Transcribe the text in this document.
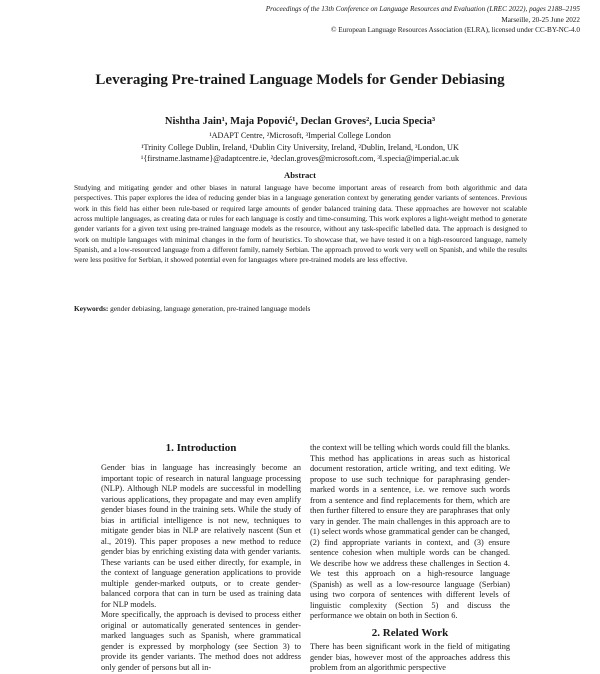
Proceedings of the 13th Conference on Language Resources and Evaluation (LREC 2022), pages 2188–2195
Marseille, 20-25 June 2022
© European Language Resources Association (ELRA), licensed under CC-BY-NC-4.0
Leveraging Pre-trained Language Models for Gender Debiasing
Nishtha Jain¹, Maja Popović¹, Declan Groves², Lucia Specia³
¹ADAPT Centre, ²Microsoft, ³Imperial College London
¹Trinity College Dublin, Ireland, ¹Dublin City University, Ireland, ²Dublin, Ireland, ³London, UK
¹{firstname.lastname}@adaptcentre.ie, ²declan.groves@microsoft.com, ³l.specia@imperial.ac.uk
Abstract

Studying and mitigating gender and other biases in natural language have become important areas of research from both algorithmic and data perspectives. This paper explores the idea of reducing gender bias in a language generation context by generating gender variants of sentences. Previous work in this field has either been rule-based or required large amounts of gender balanced training data. These approaches are however not scalable across multiple languages, as creating data or rules for each language is costly and time-consuming. This work explores a light-weight method to generate gender variants for a given text using pre-trained language models as the resource, without any task-specific labelled data. The approach is designed to work on multiple languages with minimal changes in the form of heuristics. To showcase that, we have tested it on a high-resourced language, namely Spanish, and a low-resourced language from a different family, namely Serbian. The approach proved to work very well on Spanish, and while the results were less positive for Serbian, it showed potential even for languages where pre-trained models are less effective.

Keywords: gender debiasing, language generation, pre-trained language models
1. Introduction

Gender bias in language has increasingly become an important topic of research in natural language processing (NLP). Although NLP models are successful in modelling various applications, they propagate and may even amplify gender biases found in the training sets. While the study of bias in artificial intelligence is not new, techniques to mitigate gender bias in NLP are relatively nascent (Sun et al., 2019). This paper proposes a new method to reduce gender bias by enriching existing data with gender variants. These variants can be used either directly, for example, in the context of language generation applications to provide multiple gender-marked outputs, or to create gender-balanced corpora that can in turn be used as training data for NLP models.

More specifically, the approach is devised to process either original or automatically generated sentences in gender-marked languages such as Spanish, where grammatical gender is expressed by morphology (see Section 3) to provide its gender variants. The method does not address only gender of persons but all in-

the context will be telling which words could fill the blanks. This method has applications in areas such as historical document restoration, article writing, and text editing. We propose to use such technique for paraphrasing gender-marked words in a sentence, i.e. we remove such words from a sentence and find replacements for them, which are then further filtered to ensure they are paraphrases that only vary in gender. The main challenges in this approach are to (1) select words whose grammatical gender can be changed, (2) find appropriate variants in context, and (3) ensure sentence cohesion when multiple words can be changed. We describe how we address these challenges in Section 4. We test this approach on a high-resource language (Spanish) as well as a low-resource language (Serbian) using two corpora of sentences with different levels of linguistic complexity (Section 5) and discuss the performance we obtain on both in Section 6.

2. Related Work

There has been significant work in the field of mitigating gender bias, however most of the approaches address this problem from an algorithmic perspective
